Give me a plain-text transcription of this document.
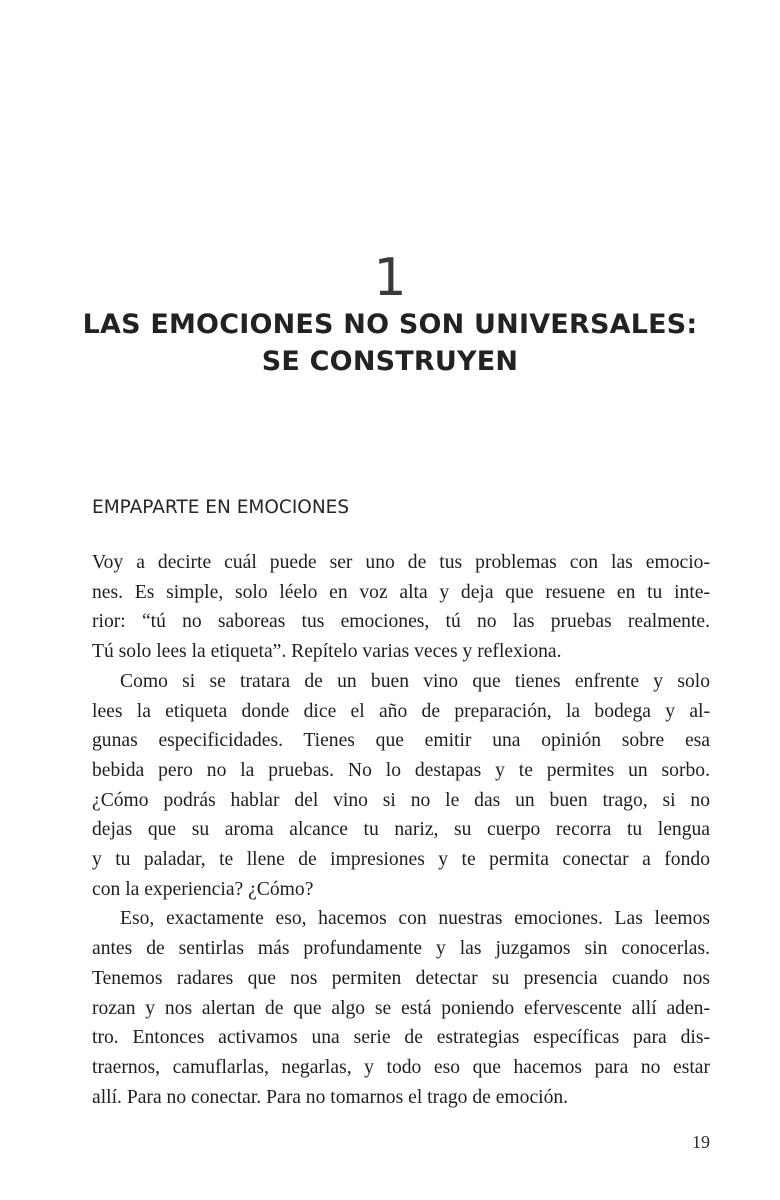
1
LAS EMOCIONES NO SON UNIVERSALES:
SE CONSTRUYEN
EMPAPARTE EN EMOCIONES

Voy a decirte cuál puede ser uno de tus problemas con las emocio-
nes. Es simple, solo léelo en voz alta y deja que resuene en tu inte-
rior: “tú no saboreas tus emociones, tú no las pruebas realmente.
Tú solo lees la etiqueta”. Repítelo varias veces y reflexiona.

Como si se tratara de un buen vino que tienes enfrente y solo
lees la etiqueta donde dice el año de preparación, la bodega y al-
gunas especificidades. Tienes que emitir una opinión sobre esa
bebida pero no la pruebas. No lo destapas y te permites un sorbo.
¿Cómo podrás hablar del vino si no le das un buen trago, si no
dejas que su aroma alcance tu nariz, su cuerpo recorra tu lengua
y tu paladar, te llene de impresiones y te permita conectar a fondo
con la experiencia? ¿Cómo?

Eso, exactamente eso, hacemos con nuestras emociones. Las leemos
antes de sentirlas más profundamente y las juzgamos sin conocerlas.
Tenemos radares que nos permiten detectar su presencia cuando nos
rozan y nos alertan de que algo se está poniendo efervescente allí aden-
tro. Entonces activamos una serie de estrategias específicas para dis-
traernos, camuflarlas, negarlas, y todo eso que hacemos para no estar
allí. Para no conectar. Para no tomarnos el trago de emoción.

19
